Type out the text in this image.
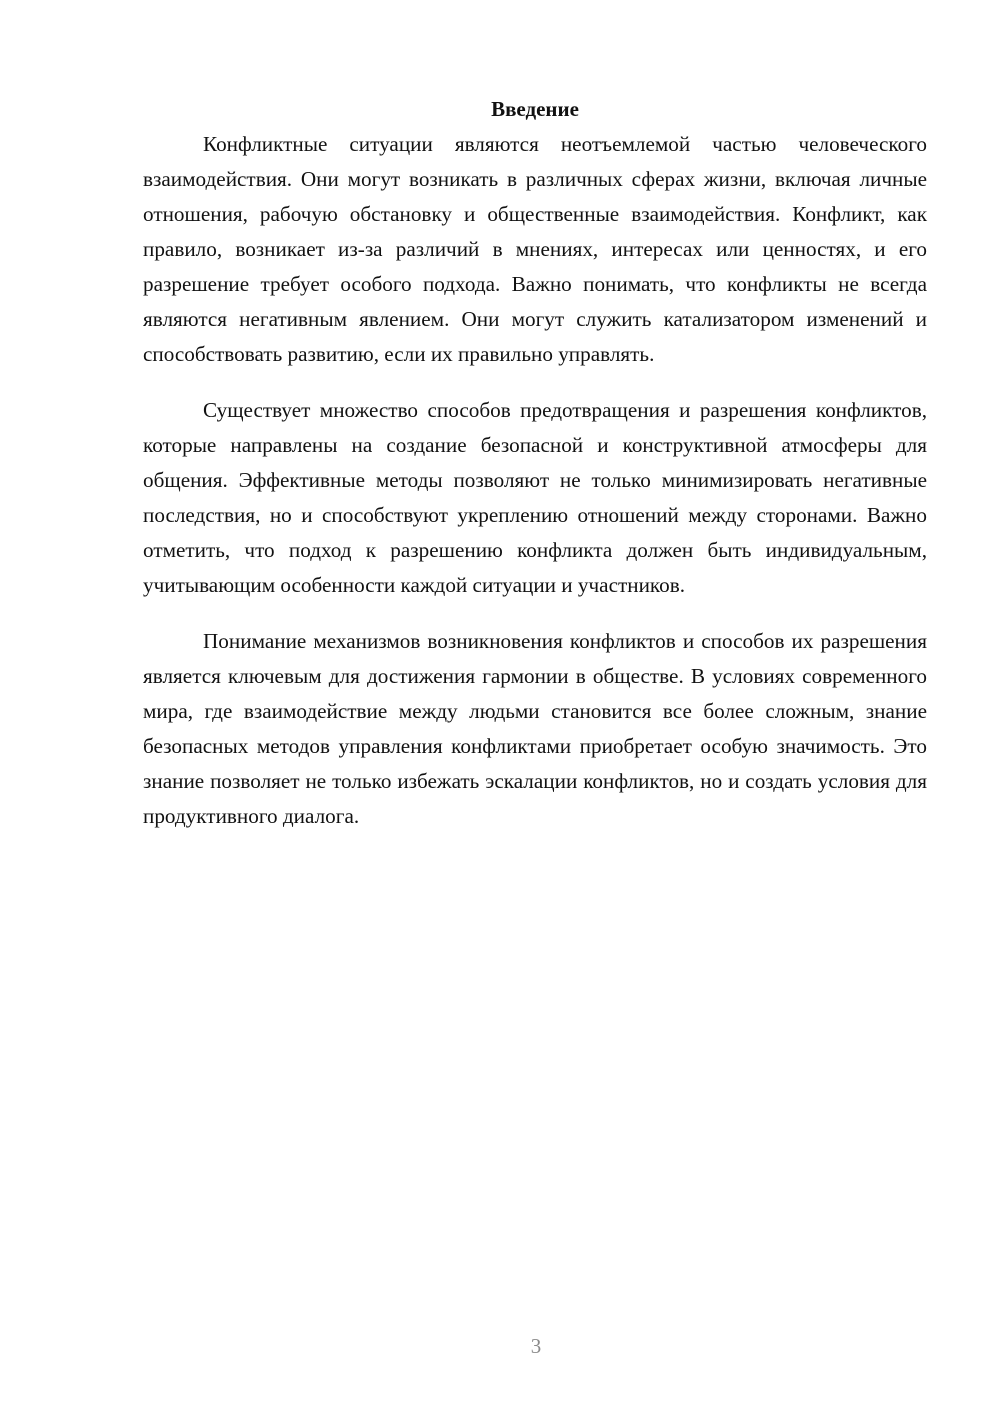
Введение

Конфликтные ситуации являются неотъемлемой частью человеческого взаимодействия. Они могут возникать в различных сферах жизни, включая личные отношения, рабочую обстановку и общественные взаимодействия. Конфликт, как правило, возникает из-за различий в мнениях, интересах или ценностях, и его разрешение требует особого подхода. Важно понимать, что конфликты не всегда являются негативным явлением. Они могут служить катализатором изменений и способствовать развитию, если их правильно управлять.

Существует множество способов предотвращения и разрешения конфликтов, которые направлены на создание безопасной и конструктивной атмосферы для общения. Эффективные методы позволяют не только минимизировать негативные последствия, но и способствуют укреплению отношений между сторонами. Важно отметить, что подход к разрешению конфликта должен быть индивидуальным, учитывающим особенности каждой ситуации и участников.

Понимание механизмов возникновения конфликтов и способов их разрешения является ключевым для достижения гармонии в обществе. В условиях современного мира, где взаимодействие между людьми становится все более сложным, знание безопасных методов управления конфликтами приобретает особую значимость. Это знание позволяет не только избежать эскалации конфликтов, но и создать условия для продуктивного диалога.

3
